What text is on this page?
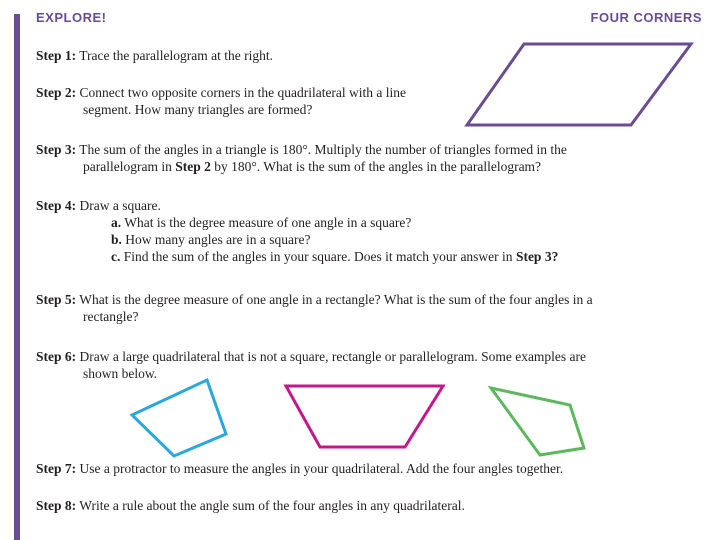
EXPLORE!	FOUR CORNERS
Step 1: Trace the parallelogram at the right.
Step 2: Connect two opposite corners in the quadrilateral with a line
segment. How many triangles are formed?
Step 3: The sum of the angles in a triangle is 180°. Multiply the number of triangles formed in the
parallelogram in Step 2 by 180°. What is the sum of the angles in the parallelogram?
Step 4: Draw a square.
a. What is the degree measure of one angle in a square?
b. How many angles are in a square?
c. Find the sum of the angles in your square. Does it match your answer in Step 3?
Step 5: What is the degree measure of one angle in a rectangle? What is the sum of the four angles in a
rectangle?
Step 6: Draw a large quadrilateral that is not a square, rectangle or parallelogram. Some examples are
shown below.
Step 7: Use a protractor to measure the angles in your quadrilateral. Add the four angles together.
Step 8: Write a rule about the angle sum of the four angles in any quadrilateral.
